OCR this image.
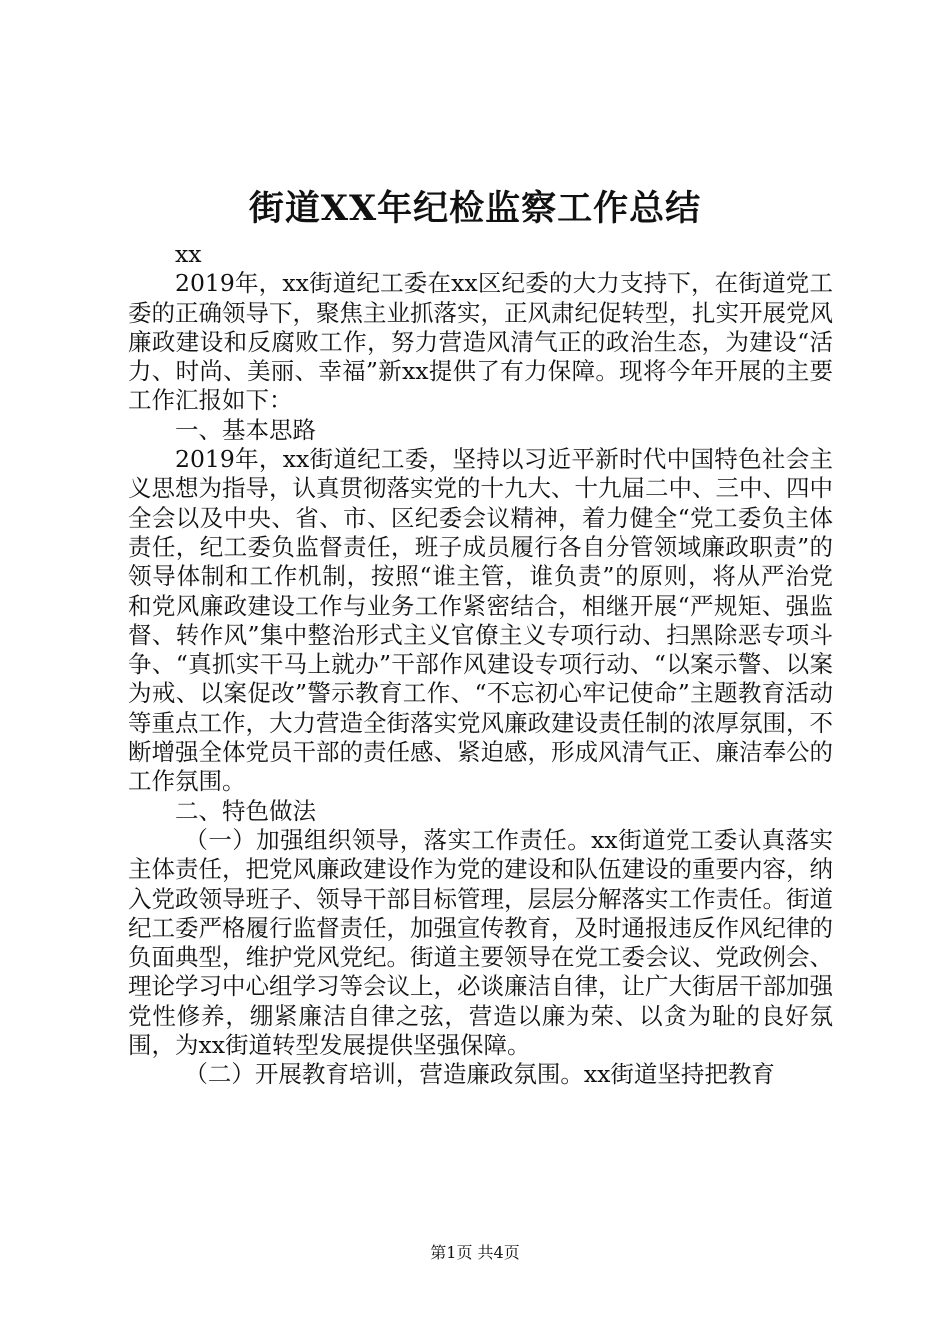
街道XX年纪检监察工作总结

xx

2019年，xx街道纪工委在xx区纪委的大力支持下，在街道党工委的正确领导下，聚焦主业抓落实，正风肃纪促转型，扎实开展党风廉政建设和反腐败工作，努力营造风清气正的政治生态，为建设“活力、时尚、美丽、幸福”新xx提供了有力保障。现将今年开展的主要工作汇报如下：

一、基本思路

2019年，xx街道纪工委，坚持以习近平新时代中国特色社会主义思想为指导，认真贯彻落实党的十九大、十九届二中、三中、四中全会以及中央、省、市、区纪委会议精神，着力健全“党工委负主体责任，纪工委负监督责任，班子成员履行各自分管领域廉政职责”的领导体制和工作机制，按照“谁主管，谁负责”的原则，将从严治党和党风廉政建设工作与业务工作紧密结合，相继开展“严规矩、强监督、转作风”集中整治形式主义官僚主义专项行动、扫黑除恶专项斗争、“真抓实干马上就办”干部作风建设专项行动、“以案示警、以案为戒、以案促改”警示教育工作、“不忘初心牢记使命”主题教育活动等重点工作，大力营造全街落实党风廉政建设责任制的浓厚氛围，不断增强全体党员干部的责任感、紧迫感，形成风清气正、廉洁奉公的工作氛围。

二、特色做法

（一）加强组织领导，落实工作责任。xx街道党工委认真落实主体责任，把党风廉政建设作为党的建设和队伍建设的重要内容，纳入党政领导班子、领导干部目标管理，层层分解落实工作责任。街道纪工委严格履行监督责任，加强宣传教育，及时通报违反作风纪律的负面典型，维护党风党纪。街道主要领导在党工委会议、党政例会、理论学习中心组学习等会议上，必谈廉洁自律，让广大街居干部加强党性修养，绷紧廉洁自律之弦，营造以廉为荣、以贪为耻的良好氛围，为xx街道转型发展提供坚强保障。

（二）开展教育培训，营造廉政氛围。xx街道坚持把教育

第1页 共4页
